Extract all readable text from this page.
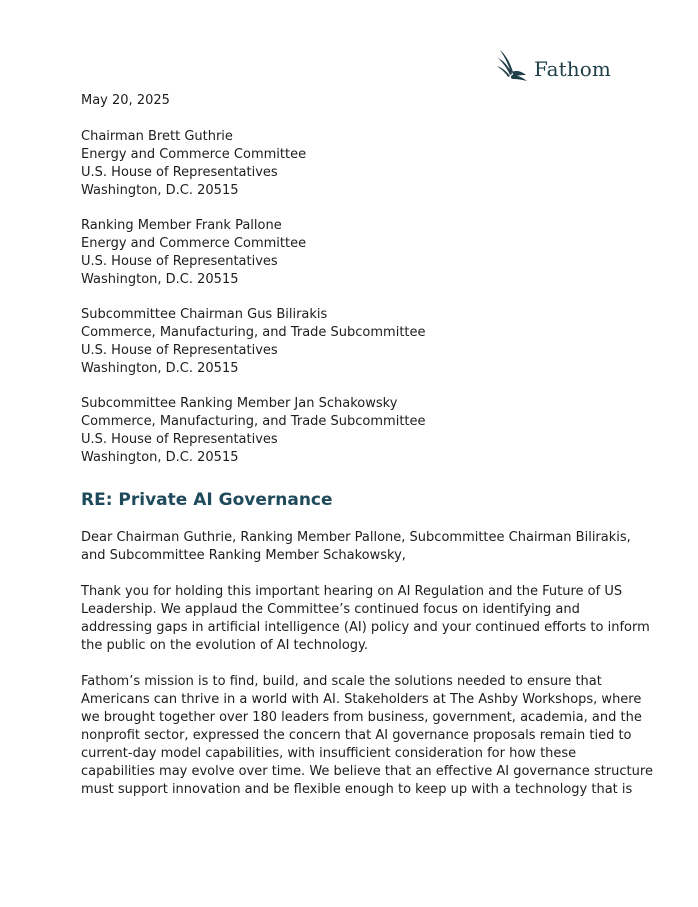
Fathom
May 20, 2025
Chairman Brett Guthrie
Energy and Commerce Committee
U.S. House of Representatives
Washington, D.C. 20515
Ranking Member Frank Pallone
Energy and Commerce Committee
U.S. House of Representatives
Washington, D.C. 20515
Subcommittee Chairman Gus Bilirakis
Commerce, Manufacturing, and Trade Subcommittee
U.S. House of Representatives
Washington, D.C. 20515
Subcommittee Ranking Member Jan Schakowsky
Commerce, Manufacturing, and Trade Subcommittee
U.S. House of Representatives
Washington, D.C. 20515
RE: Private AI Governance
Dear Chairman Guthrie, Ranking Member Pallone, Subcommittee Chairman Bilirakis,
and Subcommittee Ranking Member Schakowsky,
Thank you for holding this important hearing on AI Regulation and the Future of US
Leadership. We applaud the Committee’s continued focus on identifying and
addressing gaps in artificial intelligence (AI) policy and your continued efforts to inform
the public on the evolution of AI technology.
Fathom’s mission is to find, build, and scale the solutions needed to ensure that
Americans can thrive in a world with AI. Stakeholders at The Ashby Workshops, where
we brought together over 180 leaders from business, government, academia, and the
nonprofit sector, expressed the concern that AI governance proposals remain tied to
current-day model capabilities, with insufficient consideration for how these
capabilities may evolve over time. We believe that an effective AI governance structure
must support innovation and be flexible enough to keep up with a technology that is
